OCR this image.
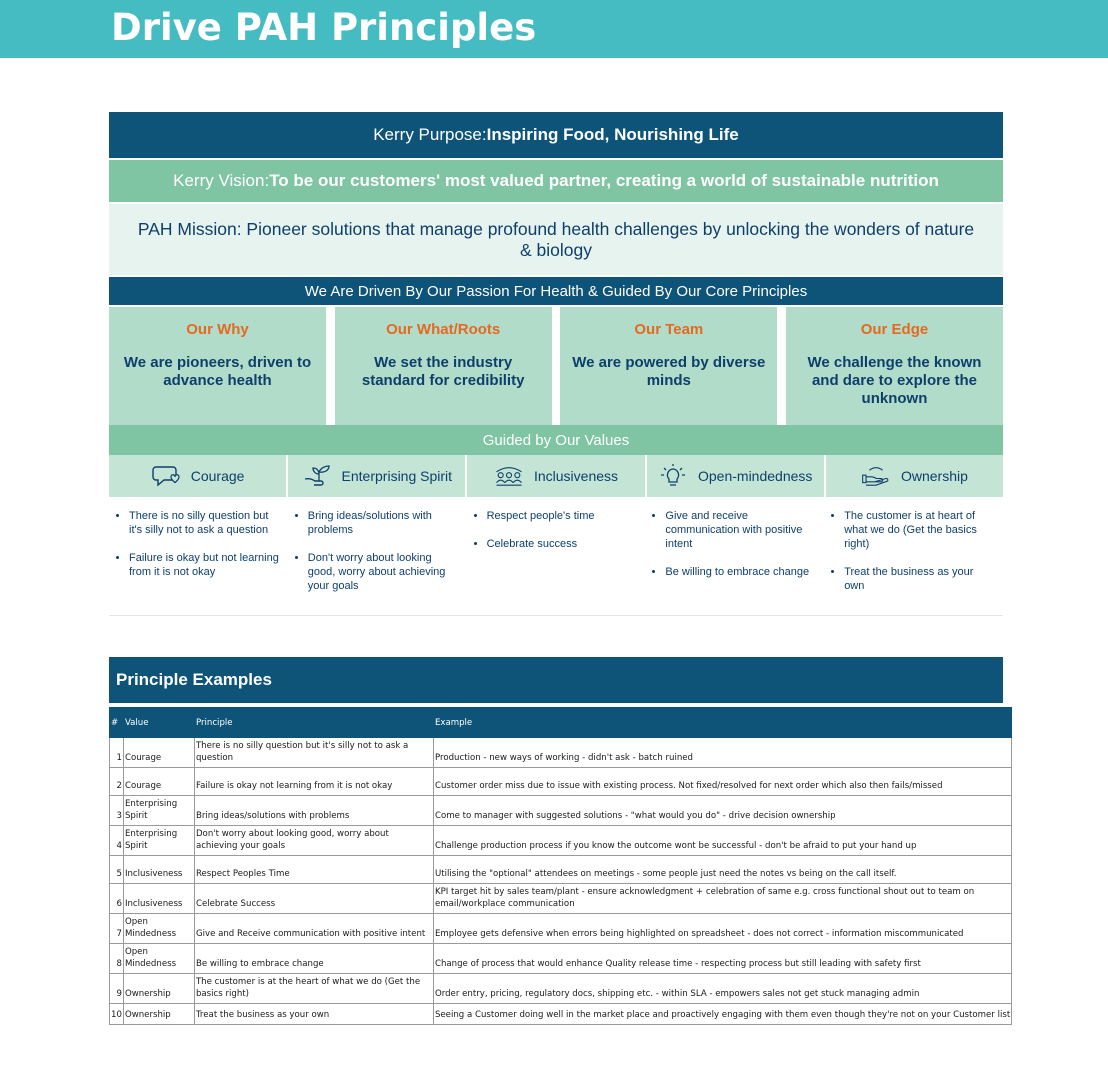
Drive PAH Principles
Kerry Purpose: Inspiring Food, Nourishing Life
Kerry Vision: To be our customers' most valued partner, creating a world of sustainable nutrition
PAH Mission: Pioneer solutions that manage profound health challenges by unlocking the wonders of nature & biology
We Are Driven By Our Passion For Health & Guided By Our Core Principles
Our Why
We are pioneers, driven to advance health
Our What/Roots
We set the industry standard for credibility
Our Team
We are powered by diverse minds
Our Edge
We challenge the known and dare to explore the unknown
Guided by Our Values
Courage	Enterprising Spirit	Inclusiveness	Open-mindedness	Ownership
• There is no silly question but it's silly not to ask a question
• Failure is okay but not learning from it is not okay
• Bring ideas/solutions with problems
• Don't worry about looking good, worry about achieving your goals
• Respect people's time
• Celebrate success
• Give and receive communication with positive intent
• Be willing to embrace change
• The customer is at heart of what we do (Get the basics right)
• Treat the business as your own
Principle Examples
#	Value	Principle	Example
1	Courage	There is no silly question but it's silly not to ask a question	Production - new ways of working - didn't ask - batch ruined
2	Courage	Failure is okay not learning from it is not okay	Customer order miss due to issue with existing process. Not fixed/resolved for next order which also then fails/missed
3	Enterprising Spirit	Bring ideas/solutions with problems	Come to manager with suggested solutions - "what would you do" - drive decision ownership
4	Enterprising Spirit	Don't worry about looking good, worry about achieving your goals	Challenge production process if you know the outcome wont be successful - don't be afraid to put your hand up
5	Inclusiveness	Respect Peoples Time	Utilising the "optional" attendees on meetings - some people just need the notes vs being on the call itself.
6	Inclusiveness	Celebrate Success	KPI target hit by sales team/plant - ensure acknowledgment + celebration of same e.g. cross functional shout out to team on email/workplace communication
7	Open Mindedness	Give and Receive communication with positive intent	Employee gets defensive when errors being highlighted on spreadsheet - does not correct - information miscommunicated
8	Open Mindedness	Be willing to embrace change	Change of process that would enhance Quality release time - respecting process but still leading with safety first
9	Ownership	The customer is at the heart of what we do (Get the basics right)	Order entry, pricing, regulatory docs, shipping etc. - within SLA - empowers sales not get stuck managing admin
10	Ownership	Treat the business as your own	Seeing a Customer doing well in the market place and proactively engaging with them even though they're not on your Customer list
